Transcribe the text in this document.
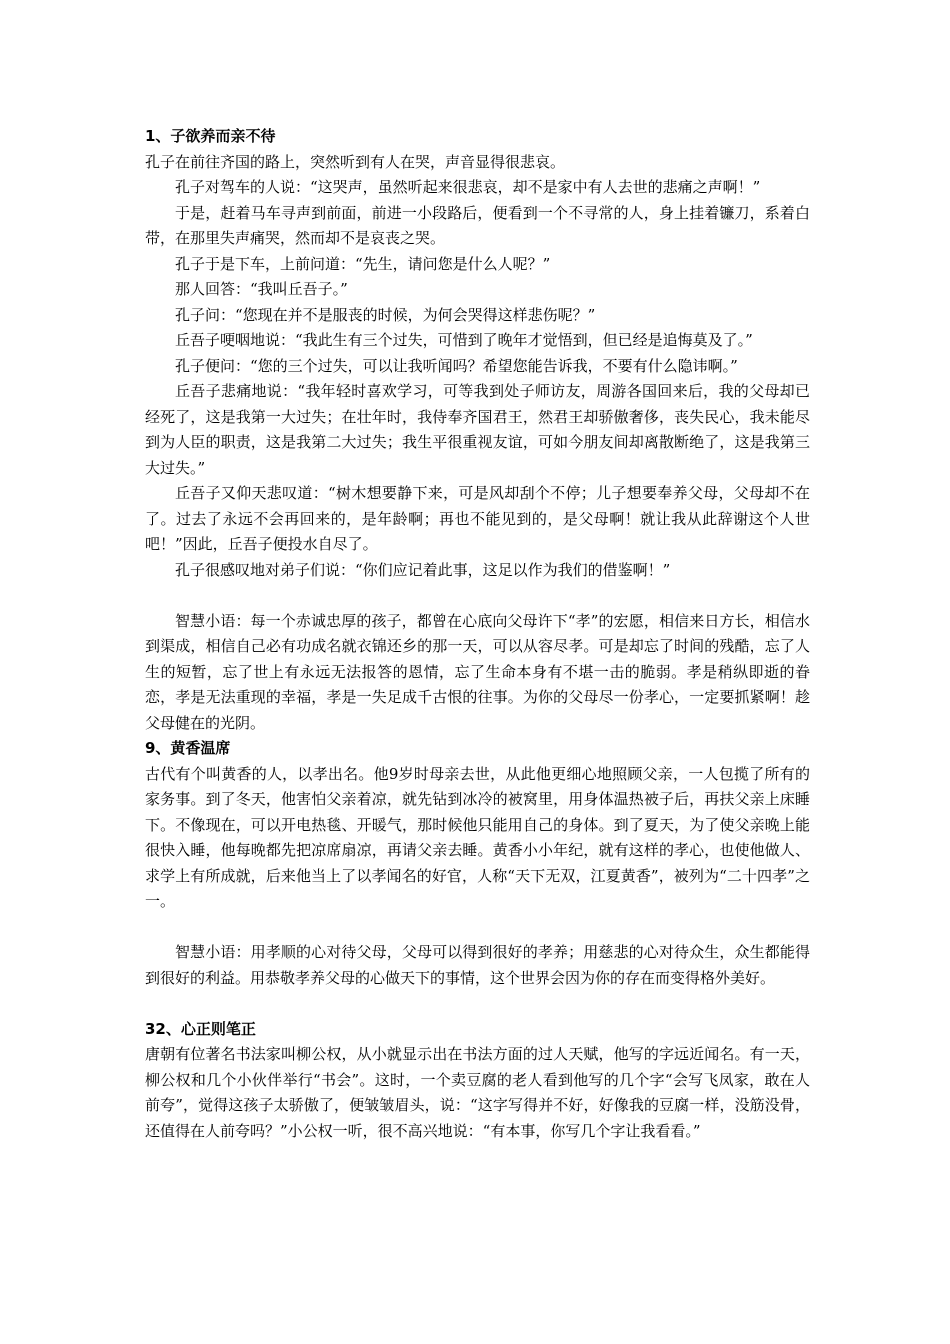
1、子欲养而亲不待

孔子在前往齐国的路上，突然听到有人在哭，声音显得很悲哀。

孔子对驾车的人说：“这哭声，虽然听起来很悲哀，却不是家中有人去世的悲痛之声啊！”

于是，赶着马车寻声到前面，前进一小段路后，便看到一个不寻常的人，身上挂着镰刀，系着白带，在那里失声痛哭，然而却不是哀丧之哭。

孔子于是下车，上前问道：“先生，请问您是什么人呢？”

那人回答：“我叫丘吾子。”

孔子问：“您现在并不是服丧的时候，为何会哭得这样悲伤呢？”

丘吾子哽咽地说：“我此生有三个过失，可惜到了晚年才觉悟到，但已经是追悔莫及了。”

孔子便问：“您的三个过失，可以让我听闻吗？希望您能告诉我，不要有什么隐讳啊。”

丘吾子悲痛地说：“我年轻时喜欢学习，可等我到处子师访友，周游各国回来后，我的父母却已经死了，这是我第一大过失；在壮年时，我侍奉齐国君王，然君王却骄傲奢侈，丧失民心，我未能尽到为人臣的职责，这是我第二大过失；我生平很重视友谊，可如今朋友间却离散断绝了，这是我第三大过失。”

丘吾子又仰天悲叹道：“树木想要静下来，可是风却刮个不停；儿子想要奉养父母，父母却不在了。过去了永远不会再回来的，是年龄啊；再也不能见到的，是父母啊！就让我从此辞谢这个人世吧！”因此，丘吾子便投水自尽了。

孔子很感叹地对弟子们说：“你们应记着此事，这足以作为我们的借鉴啊！”

智慧小语：每一个赤诚忠厚的孩子，都曾在心底向父母许下“孝”的宏愿，相信来日方长，相信水到渠成，相信自己必有功成名就衣锦还乡的那一天，可以从容尽孝。可是却忘了时间的残酷，忘了人生的短暂，忘了世上有永远无法报答的恩情，忘了生命本身有不堪一击的脆弱。孝是稍纵即逝的眷恋，孝是无法重现的幸福，孝是一失足成千古恨的往事。为你的父母尽一份孝心，一定要抓紧啊！趁父母健在的光阴。

9、黄香温席

古代有个叫黄香的人，以孝出名。他9岁时母亲去世，从此他更细心地照顾父亲，一人包揽了所有的家务事。到了冬天，他害怕父亲着凉，就先钻到冰冷的被窝里，用身体温热被子后，再扶父亲上床睡下。不像现在，可以开电热毯、开暖气，那时候他只能用自己的身体。到了夏天，为了使父亲晚上能很快入睡，他每晚都先把凉席扇凉，再请父亲去睡。黄香小小年纪，就有这样的孝心，也使他做人、求学上有所成就，后来他当上了以孝闻名的好官，人称“天下无双，江夏黄香”，被列为“二十四孝”之一。

智慧小语：用孝顺的心对待父母，父母可以得到很好的孝养；用慈悲的心对待众生，众生都能得到很好的利益。用恭敬孝养父母的心做天下的事情，这个世界会因为你的存在而变得格外美好。

32、心正则笔正

唐朝有位著名书法家叫柳公权，从小就显示出在书法方面的过人天赋，他写的字远近闻名。有一天，柳公权和几个小伙伴举行“书会”。这时，一个卖豆腐的老人看到他写的几个字“会写飞凤家，敢在人前夸”，觉得这孩子太骄傲了，便皱皱眉头，说：“这字写得并不好，好像我的豆腐一样，没筋没骨，还值得在人前夸吗？”小公权一听，很不高兴地说：“有本事，你写几个字让我看看。”
